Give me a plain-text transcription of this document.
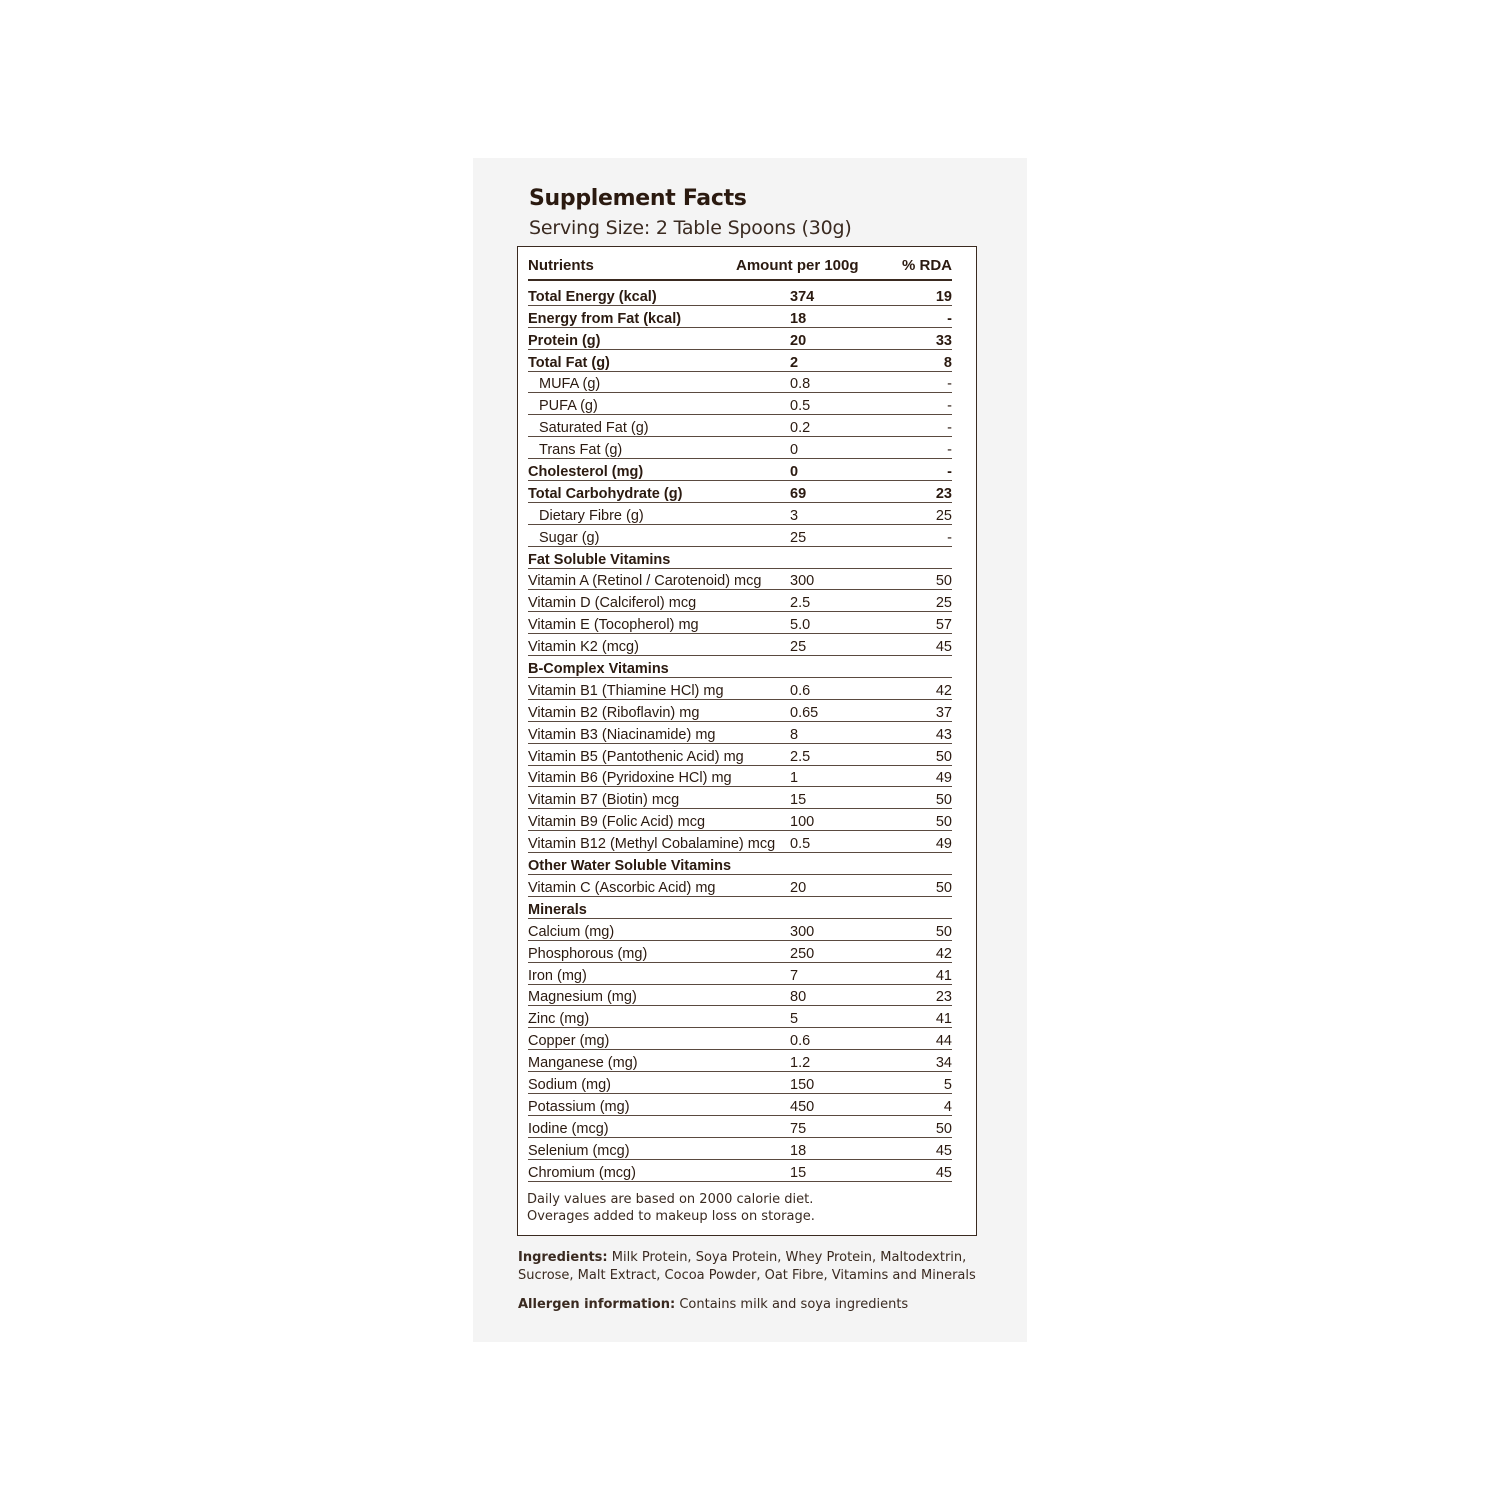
Supplement Facts
Serving Size: 2 Table Spoons (30g)
Nutrients	Amount per 100g	% RDA
Total Energy (kcal)	374	19
Energy from Fat (kcal)	18	-
Protein (g)	20	33
Total Fat (g)	2	8
MUFA (g)	0.8	-
PUFA (g)	0.5	-
Saturated Fat (g)	0.2	-
Trans Fat (g)	0	-
Cholesterol (mg)	0	-
Total Carbohydrate (g)	69	23
Dietary Fibre (g)	3	25
Sugar (g)	25	-
Fat Soluble Vitamins
Vitamin A (Retinol / Carotenoid) mcg	300	50
Vitamin D (Calciferol) mcg	2.5	25
Vitamin E (Tocopherol) mg	5.0	57
Vitamin K2 (mcg)	25	45
B-Complex Vitamins
Vitamin B1 (Thiamine HCl) mg	0.6	42
Vitamin B2 (Riboflavin) mg	0.65	37
Vitamin B3 (Niacinamide) mg	8	43
Vitamin B5 (Pantothenic Acid) mg	2.5	50
Vitamin B6 (Pyridoxine HCl) mg	1	49
Vitamin B7 (Biotin) mcg	15	50
Vitamin B9 (Folic Acid) mcg	100	50
Vitamin B12 (Methyl Cobalamine) mcg	0.5	49
Other Water Soluble Vitamins
Vitamin C (Ascorbic Acid) mg	20	50
Minerals
Calcium (mg)	300	50
Phosphorous (mg)	250	42
Iron (mg)	7	41
Magnesium (mg)	80	23
Zinc (mg)	5	41
Copper (mg)	0.6	44
Manganese (mg)	1.2	34
Sodium (mg)	150	5
Potassium (mg)	450	4
Iodine (mcg)	75	50
Selenium (mcg)	18	45
Chromium (mcg)	15	45
Daily values are based on 2000 calorie diet.
Overages added to makeup loss on storage.
Ingredients: Milk Protein, Soya Protein, Whey Protein, Maltodextrin, Sucrose, Malt Extract, Cocoa Powder, Oat Fibre, Vitamins and Minerals
Allergen information: Contains milk and soya ingredients
